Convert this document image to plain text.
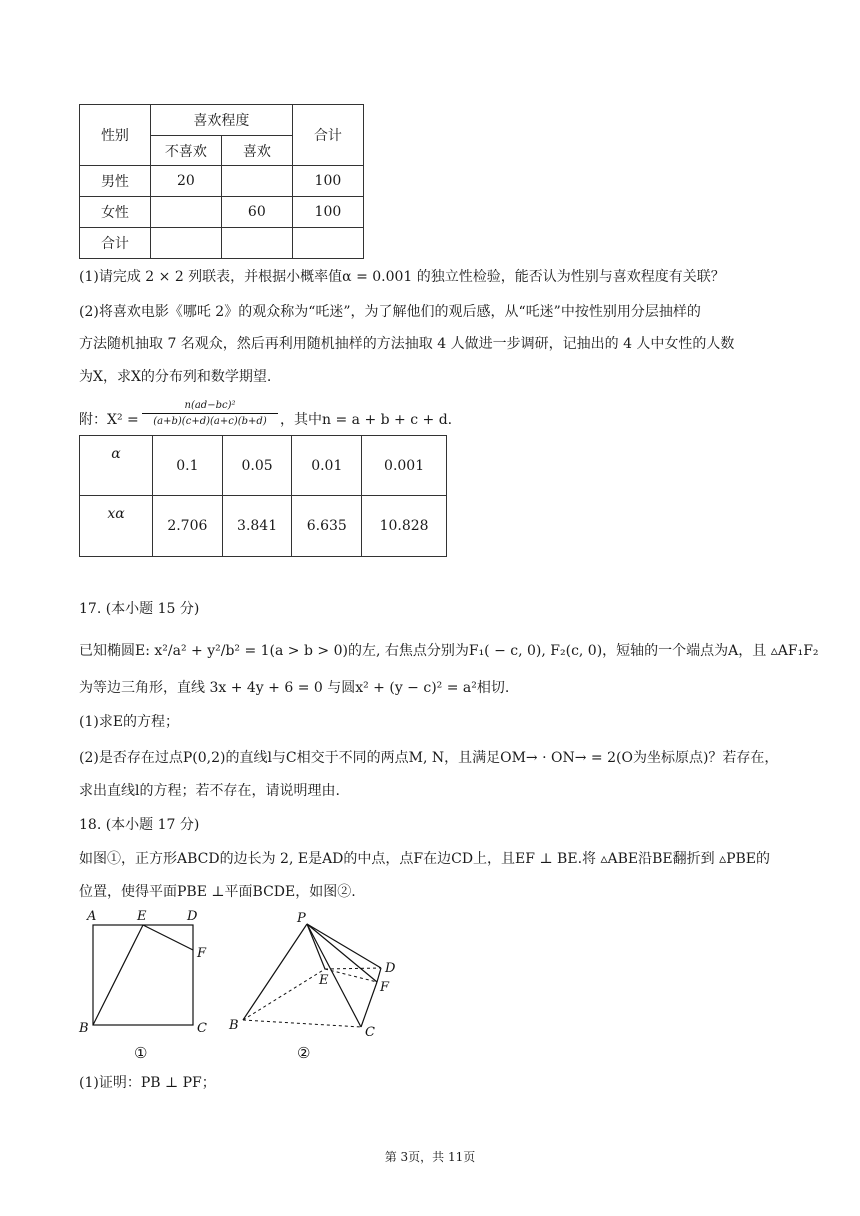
性别	喜欢程度		合计
	不喜欢	喜欢	
男性	20		100
女性		60	100
合计			
(1)请完成 2 × 2 列联表，并根据小概率值α = 0.001 的独立性检验，能否认为性别与喜欢程度有关联？
(2)将喜欢电影《哪吒 2》的观众称为“吒迷”，为了解他们的观后感，从“吒迷”中按性别用分层抽样的
方法随机抽取 7 名观众，然后再利用随机抽样的方法抽取 4 人做进一步调研，记抽出的 4 人中女性的人数
为X，求X的分布列和数学期望.
附：X² =
n(ad−bc)²
(a+b)(c+d)(a+c)(b+d) ，其中n = a + b + c + d.
α	0.1	0.05	0.01	0.001
xα	2.706	3.841	6.635	10.828
17. (本小题 15 分)
已知椭圆E: x²/a² + y²/b² = 1(a > b > 0)的左, 右焦点分别为F₁( − c, 0), F₂(c, 0)，短轴的一个端点为A，且 ▵AF₁F₂
为等边三角形，直线 3x + 4y + 6 = 0 与圆x² + (y − c)² = a²相切.
(1)求E的方程；
(2)是否存在过点P(0,2)的直线l与C相交于不同的两点M, N，且满足OM→ · ON→ = 2(O为坐标原点)？若存在，
求出直线l的方程；若不存在，请说明理由.
18. (本小题 17 分)
如图①，正方形ABCD的边长为 2, E是AD的中点，点F在边CD上，且EF ⊥ BE.将 ▵ABE沿BE翻折到 ▵PBE的
位置，使得平面PBE ⊥平面BCDE，如图②.
A	E	D
F
B	C
①
P
D
E	F
B	C
②
(1)证明：PB ⊥ PF；
第 3页，共 11页
